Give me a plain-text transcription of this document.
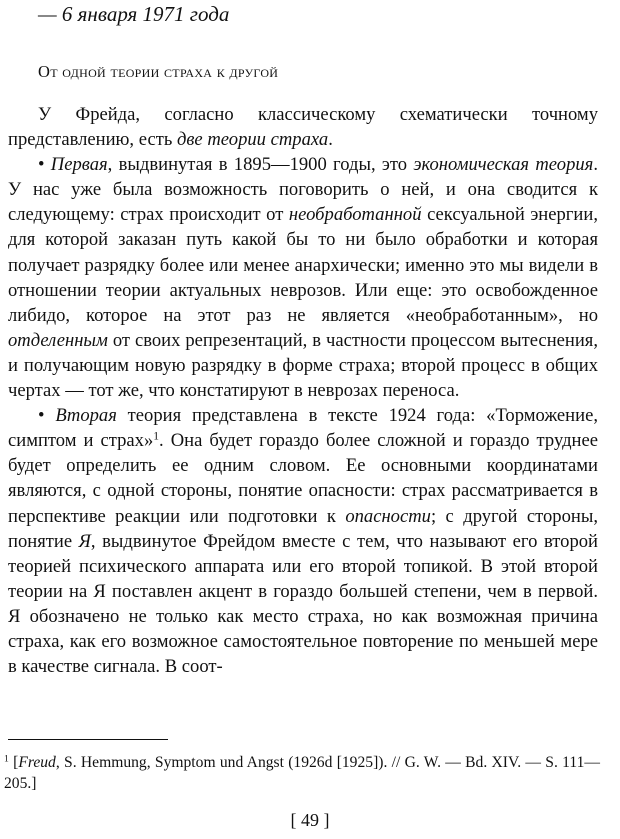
— 6 января 1971 года
От одной теории страха к другой

У Фрейда, согласно классическому схематически точному представлению, есть две теории страха.

• Первая, выдвинутая в 1895—1900 годы, это экономическая теория. У нас уже была возможность поговорить о ней, и она сводится к следующему: страх происходит от необработанной сексуальной энергии, для которой заказан путь какой бы то ни было обработки и которая получает разрядку более или менее анархически; именно это мы видели в отношении теории актуальных неврозов. Или еще: это освобожденное либидо, которое на этот раз не является «необработанным», но отделенным от своих репрезентаций, в частности процессом вытеснения, и получающим новую разрядку в форме страха; второй процесс в общих чертах — тот же, что констатируют в неврозах переноса.

• Вторая теория представлена в тексте 1924 года: «Торможение, симптом и страх»$^1$. Она будет гораздо более сложной и гораздо труднее будет определить ее одним словом. Ее основными координатами являются, с одной стороны, понятие опасности: страх рассматривается в перспективе реакции или подготовки к опасности; с другой стороны, понятие Я, выдвинутое Фрейдом вместе с тем, что называют его второй теорией психического аппарата или его второй топикой. В этой второй теории на Я поставлен акцент в гораздо большей степени, чем в первой. Я обозначено не только как место страха, но как возможная причина страха, как его возможное самостоятельное повторение по меньшей мере в качестве сигнала. В соот-

$^1$ [Freud, S. Hemmung, Symptom und Angst (1926d [1925]). // G. W. — Bd. XIV. — S. 111—205.]
[ 49 ]
